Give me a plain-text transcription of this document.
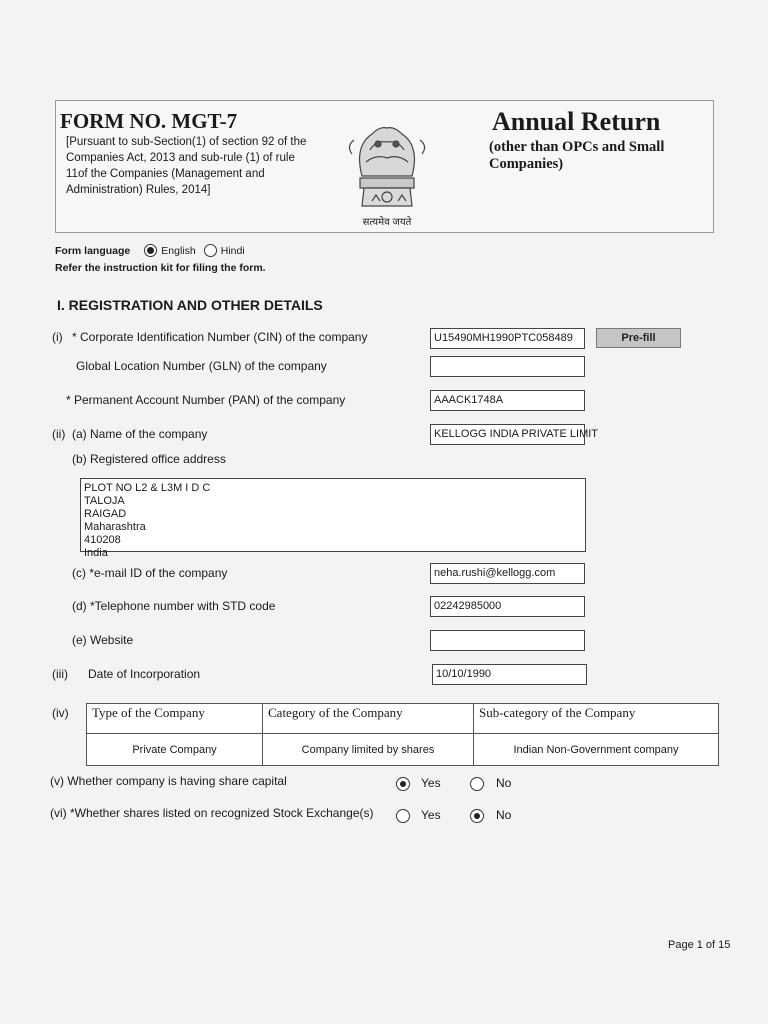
FORM NO. MGT-7
[Pursuant to sub-Section(1) of section 92 of the Companies Act, 2013 and sub-rule (1) of rule 11of the Companies (Management and Administration) Rules, 2014]
सत्यमेव जयते
Annual Return
(other than OPCs and Small Companies)
Form language	English Hindi
Refer the instruction kit for filing the form.
I. REGISTRATION AND OTHER DETAILS
(i) * Corporate Identification Number (CIN) of the company	U15490MH1990PTC058489	Pre-fill
Global Location Number (GLN) of the company
* Permanent Account Number (PAN) of the company	AAACK1748A
(ii) (a) Name of the company	KELLOGG INDIA PRIVATE LIMIT
(b) Registered office address
PLOT NO L2 & L3M I D C
TALOJA
RAIGAD
Maharashtra
410208
India
(c) *e-mail ID of the company	neha.rushi@kellogg.com
(d) *Telephone number with STD code	02242985000
(e) Website
(iii) Date of Incorporation	10/10/1990
(iv) Type of the Company	Category of the Company	Sub-category of the Company
Private Company	Company limited by shares	Indian Non-Government company
(v) Whether company is having share capital	Yes	No
(vi) *Whether shares listed on recognized Stock Exchange(s)	Yes	No
Page 1 of 15
